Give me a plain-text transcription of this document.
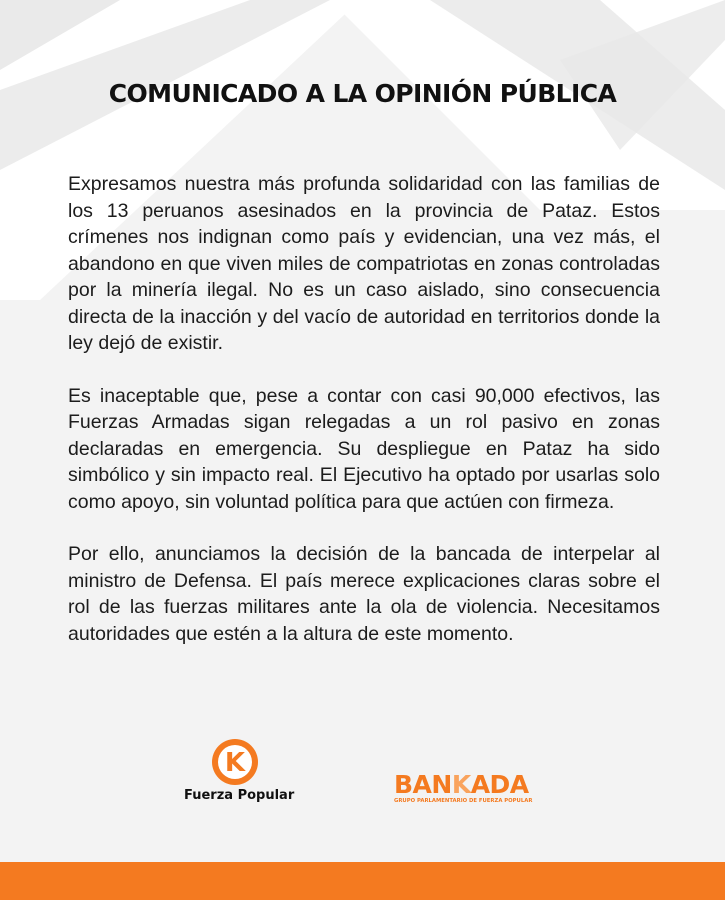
COMUNICADO A LA OPINIÓN PÚBLICA

Expresamos nuestra más profunda solidaridad con las familias de los 13 peruanos asesinados en la provincia de Pataz. Estos crímenes nos indignan como país y evidencian, una vez más, el abandono en que viven miles de compatriotas en zonas controladas por la minería ilegal. No es un caso aislado, sino consecuencia directa de la inacción y del vacío de autoridad en territorios donde la ley dejó de existir.

Es inaceptable que, pese a contar con casi 90,000 efectivos, las Fuerzas Armadas sigan relegadas a un rol pasivo en zonas declaradas en emergencia. Su despliegue en Pataz ha sido simbólico y sin impacto real. El Ejecutivo ha optado por usarlas solo como apoyo, sin voluntad política para que actúen con firmeza.

Por ello, anunciamos la decisión de la bancada de interpelar al ministro de Defensa. El país merece explicaciones claras sobre el rol de las fuerzas militares ante la ola de violencia. Necesitamos autoridades que estén a la altura de este momento.

K
Fuerza Popular	BANKADA
GRUPO PARLAMENTARIO DE FUERZA POPULAR
